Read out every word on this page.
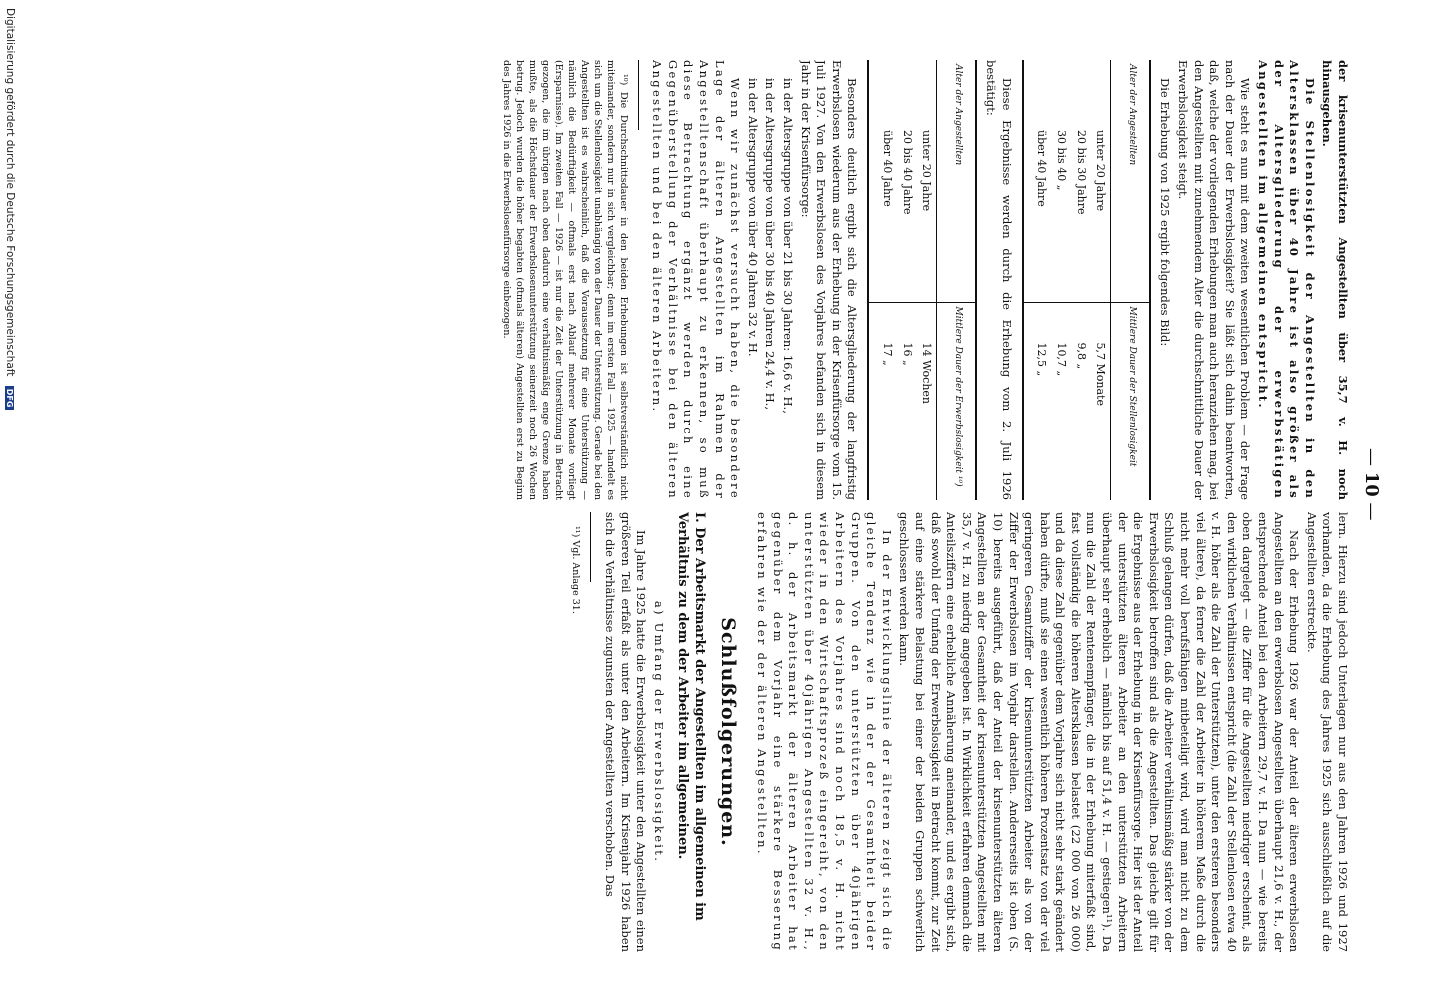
— 10 —

der krisenunterstützten Angestellten über 35,7 v. H. noch hinausgehen.

Die Stellenlosigkeit der Angestellten in den Altersklassen über 40 Jahre ist also größer als der Altersgliederung der erwerbstätigen Angestellten im allgemeinen entspricht.

Wie steht es nun mit dem zweiten wesentlichen Problem — der Frage nach der Dauer der Erwerbslosigkeit? Sie läßt sich dahin beantworten, daß, welche der vorliegenden Erhebungen man auch heranziehen mag, bei den Angestellten mit zunehmendem Alter die durchschnittliche Dauer der Erwerbslosigkeit steigt.

Die Erhebung von 1925 ergibt folgendes Bild:

Alter der Angestellten	Mittlere Dauer der Stellenlosigkeit
unter 20 Jahre	5,7 Monate
20 bis 30 Jahre	9,8 „
30 bis 40 „	10,7 „
über 40 Jahre	12,5 „

Diese Ergebnisse werden durch die Erhebung vom 2. Juli 1926 bestätigt:

Alter der Angestellten	Mittlere Dauer der Erwerbslosigkeit ¹⁰)
unter 20 Jahre	14 Wochen
20 bis 40 Jahre	16 „
über 40 Jahre	17 „

Besonders deutlich ergibt sich die Altersgliederung der langfristig Erwerbslosen wiederum aus der Erhebung in der Krisenfürsorge vom 15. Juli 1927. Von den Erwerbslosen des Vorjahres befanden sich in diesem Jahr in der Krisenfürsorge:

in der Altersgruppe von über 21 bis 30 Jahren: 16,6 v. H.,

in der Altersgruppe von über 30 bis 40 Jahren 24,4 v. H.,

in der Altersgruppe von über 40 Jahren 32 v. H.

Wenn wir zunächst versucht haben, die besondere Lage der älteren Angestellten im Rahmen der Angestelltenschaft überhaupt zu erkennen, so muß diese Betrachtung ergänzt werden durch eine Gegenüberstellung der Verhältnisse bei den älteren Angestellten und bei den älteren Arbeitern.

¹⁰) Die Durchschnittsdauer in den beiden Erhebungen ist selbstverständlich nicht miteinander, sondern nur in sich vergleichbar; denn im ersten Fall — 1925 — handelt es sich um die Stellenlosigkeit unabhängig von der Dauer der Unterstützung. Gerade bei den Angestellten ist es wahrscheinlich, daß die Voraussetzung für eine Unterstützung — nämlich die Bedürftigkeit — oftmals erst nach Ablauf mehrerer Monate vorliegt (Ersparnisse). Im zweiten Fall — 1926 — ist nur die Zeit der Unterstützung in Betracht gezogen, die im übrigen nach oben dadurch eine verhältnismäßig enge Grenze haben mußte, als die Höchstdauer der Erwerbslosenunterstützung seinerzeit noch 26 Wochen betrug. Jedoch wurden die höher begabten (oftmals älteren) Angestellten erst zu Beginn des Jahres 1926 in die Erwerbslosenfürsorge einbezogen.

lern. Hierzu sind jedoch Unterlagen nur aus den Jahren 1926 und 1927 vorhanden, da die Erhebung des Jahres 1925 sich ausschließlich auf die Angestellten erstreckte.

Nach der Erhebung 1926 war der Anteil der älteren erwerbslosen Angestellten an den erwerbslosen Angestellten überhaupt 21,6 v. H., der entsprechende Anteil bei den Arbeitern 29,7 v. H. Da nun — wie bereits oben dargelegt — die Ziffer für die Angestellten niedriger erscheint, als den wirklichen Verhältnissen entspricht (die Zahl der Stellenlosen etwa 40 v. H. höher als die Zahl der Unterstützten), unter den ersteren besonders viel ältere), da ferner die Zahl der Arbeiter in höherem Maße durch die nicht mehr voll berufsfähigen mitbeteiligt wird, wird man nicht zu dem Schluß gelangen dürfen, daß die Arbeiter verhältnismäßig stärker von der Erwerbslosigkeit betroffen sind als die Angestellten. Das gleiche gilt für die Ergebnisse aus der Erhebung in der Krisenfürsorge. Hier ist der Anteil der unterstützten älteren Arbeiter an den unterstützten Arbeitern überhaupt sehr erheblich — nämlich bis auf 51,4 v. H. — gestiegen¹¹). Da nun die Zahl der Rentenempfänger, die in der Erhebung miterfaßt sind, fast vollständig die höheren Altersklassen belastet (22 000 von 26 000) und da diese Zahl gegenüber dem Vorjahre sich nicht sehr stark geändert haben dürfte, muß sie einen wesentlich höheren Prozentsatz von der viel geringeren Gesamtziffer der krisenunterstützten Arbeiter als von der Ziffer der Erwerbslosen im Vorjahr darstellen. Andererseits ist oben (S. 10) bereits ausgeführt, daß der Anteil der krisenunterstützten älteren Angestellten an der Gesamtheit der krisenunterstützten Angestellten mit 35,7 v. H. zu niedrig angegeben ist. In Wirklichkeit erfahren demnach die Anteilsziffern eine erhebliche Annäherung aneinander, und es ergibt sich, daß sowohl der Umfang der Erwerbslosigkeit in Betracht kommt, zur Zeit auf eine stärkere Belastung bei einer der beiden Gruppen schwerlich geschlossen werden kann.

In der Entwicklungslinie der älteren zeigt sich die gleiche Tendenz wie in der der Gesamtheit beider Gruppen. Von den unterstützten über 40jährigen Arbeitern des Vorjahres sind noch 18,5 v. H. nicht wieder in den Wirtschaftsprozeß eingereiht, von den unterstützten über 40jährigen Angestellten 32 v. H., d. h. der Arbeitsmarkt der älteren Arbeiter hat gegenüber dem Vorjahr eine stärkere Besserung erfahren wie der der älteren Angestellten.

Schlußfolgerungen.
I. Der Arbeitsmarkt der Angestellten im allgemeinen im Verhältnis zu dem der Arbeiter im allgemeinen.

a) Umfang der Erwerbslosigkeit.

Im Jahre 1925 hatte die Erwerbslosigkeit unter den Angestellten einen größeren Teil erfaßt als unter den Arbeitern. Im Krisenjahr 1926 haben sich die Verhältnisse zugunsten der Angestellten verschoben. Das

¹¹) Vgl. Anlage 31.

Digitalisierung gefördert durch die Deutsche Forschungsgemeinschaft DFG
